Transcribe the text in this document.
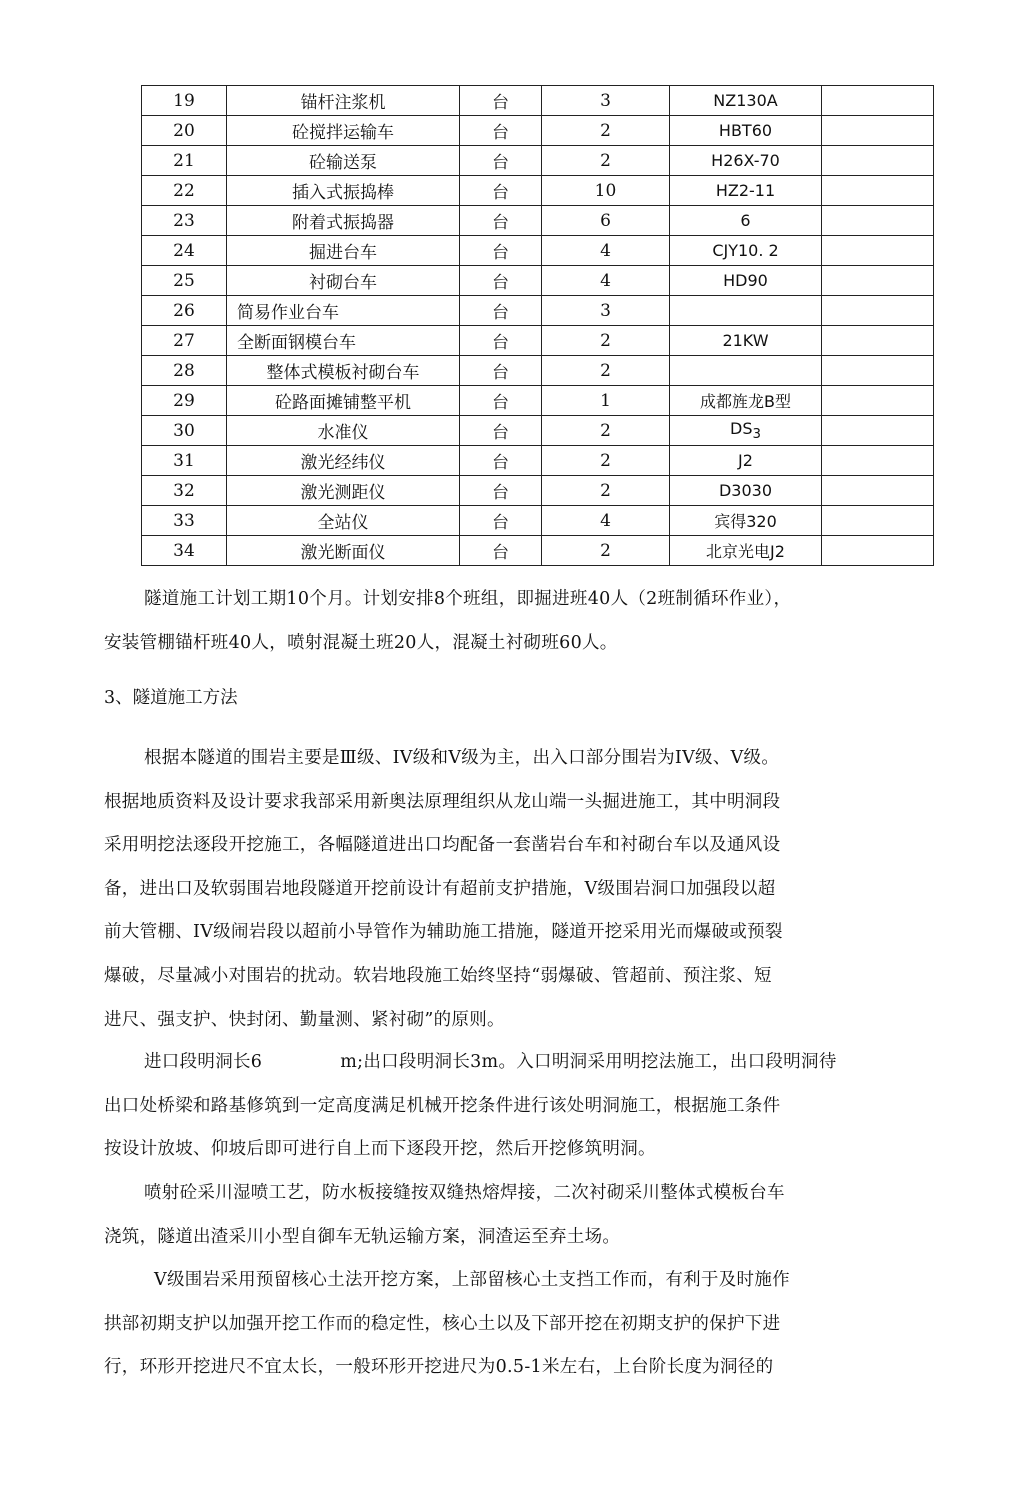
19	锚杆注浆机	台	3	NZ130A	
20	砼搅拌运输车	台	2	HBT60	
21	砼输送泵	台	2	H26X-70	
22	插入式振捣棒	台	10	HZ2-11	
23	附着式振捣器	台	6	6	
24	掘进台车	台	4	CJY10. 2	
25	衬砌台车	台	4	HD90	
26	简易作业台车	台	3		
27	全断面钢模台车	台	2	21KW	
28	整体式模板衬砌台车	台	2		
29	砼路面摊铺整平机	台	1	成都旌龙B型	
30	水准仪	台	2	$DS_3$	
31	激光经纬仪	台	2	J2	
32	激光测距仪	台	2	D3030	
33	全站仪	台	4	宾得320	
34	激光断面仪	台	2	北京光电J2	

隧道施工计划工期10个月。计划安排8个班组，即掘进班40人（2班制循环作业），

安装管棚锚杆班40人，喷射混凝土班20人，混凝土衬砌班60人。

3、隧道施工方法

根据本隧道的围岩主要是Ⅲ级、IV级和V级为主，出入口部分围岩为IV级、V级。

根据地质资料及设计要求我部采用新奥法原理组织从龙山端一头掘进施工，其中明洞段

采用明挖法逐段开挖施工，各幅隧道进出口均配备一套凿岩台车和衬砌台车以及通风设

备，进出口及软弱围岩地段隧道开挖前设计有超前支护措施，V级围岩洞口加强段以超

前大管棚、IV级闹岩段以超前小导管作为辅助施工措施，隧道开挖采用光而爆破或预裂

爆破，尽量减小对围岩的扰动。软岩地段施工始终坚持“弱爆破、管超前、预注浆、短

进尺、强支护、快封闭、勤量测、紧衬砌”的原则。

进口段明洞长6	m;出口段明洞长3m。入口明洞采用明挖法施工，出口段明洞待

出口处桥梁和路基修筑到一定高度满足机械开挖条件进行该处明洞施工，根据施工条件

按设计放坡、仰坡后即可进行自上而下逐段开挖，然后开挖修筑明洞。

喷射砼采川湿喷工艺，防水板接缝按双缝热熔焊接，二次衬砌采川整体式模板台车

浇筑，隧道出渣采川小型自御车无轨运输方案，洞渣运至弃土场。

V级围岩采用预留核心土法开挖方案，上部留核心土支挡工作而，有利于及时施作

拱部初期支护以加强开挖工作而的稳定性，核心土以及下部开挖在初期支护的保护下进

行，环形开挖进尺不宜太长，一般环形开挖进尺为0.5-1米左右，上台阶长度为洞径的
